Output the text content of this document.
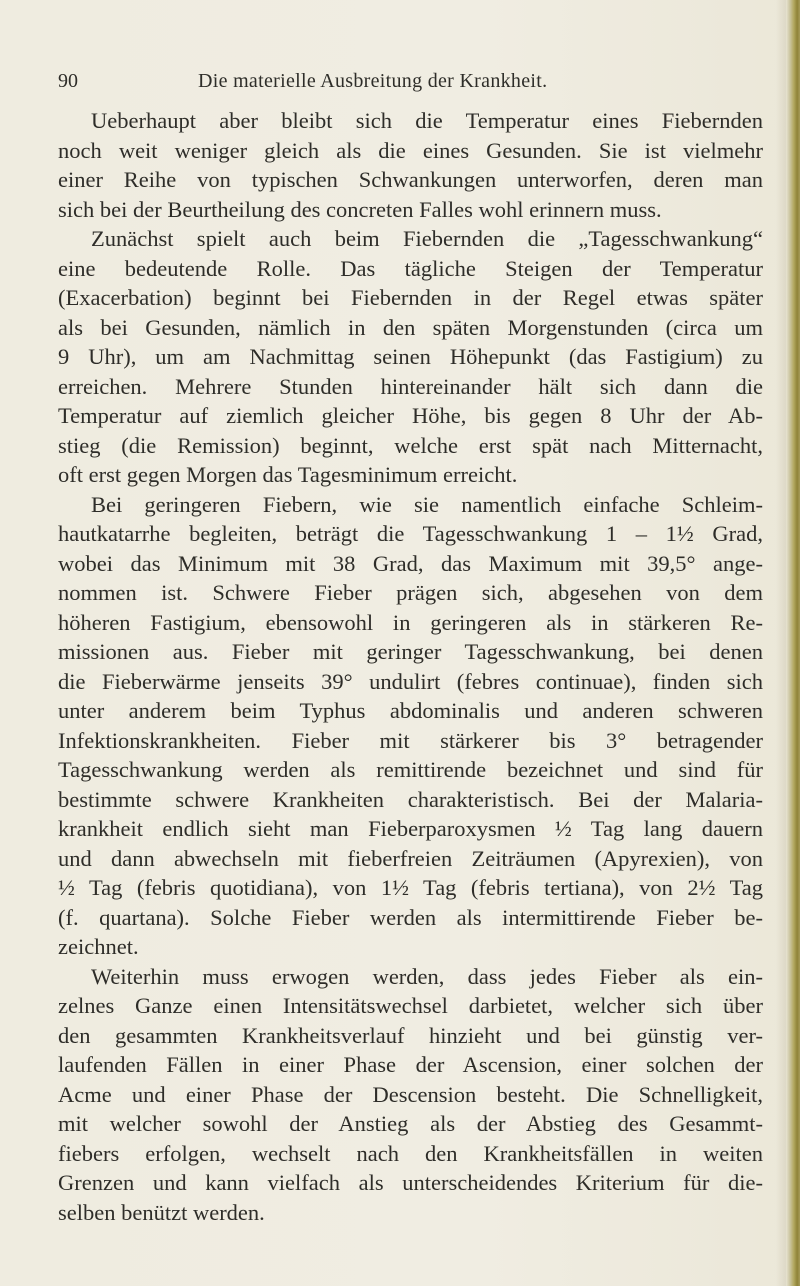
90	Die materielle Ausbreitung der Krankheit.
Ueberhaupt aber bleibt sich die Temperatur eines Fiebernden
noch weit weniger gleich als die eines Gesunden. Sie ist vielmehr
einer Reihe von typischen Schwankungen unterworfen, deren man
sich bei der Beurtheilung des concreten Falles wohl erinnern muss.
Zunächst spielt auch beim Fiebernden die „Tagesschwankung“
eine bedeutende Rolle. Das tägliche Steigen der Temperatur
(Exacerbation) beginnt bei Fiebernden in der Regel etwas später
als bei Gesunden, nämlich in den späten Morgenstunden (circa um
9 Uhr), um am Nachmittag seinen Höhepunkt (das Fastigium) zu
erreichen. Mehrere Stunden hintereinander hält sich dann die
Temperatur auf ziemlich gleicher Höhe, bis gegen 8 Uhr der Ab-
stieg (die Remission) beginnt, welche erst spät nach Mitternacht,
oft erst gegen Morgen das Tagesminimum erreicht.
Bei geringeren Fiebern, wie sie namentlich einfache Schleim-
hautkatarrhe begleiten, beträgt die Tagesschwankung 1 – 1½ Grad,
wobei das Minimum mit 38 Grad, das Maximum mit 39,5° ange-
nommen ist. Schwere Fieber prägen sich, abgesehen von dem
höheren Fastigium, ebensowohl in geringeren als in stärkeren Re-
missionen aus. Fieber mit geringer Tagesschwankung, bei denen
die Fieberwärme jenseits 39° undulirt (febres continuae), finden sich
unter anderem beim Typhus abdominalis und anderen schweren
Infektionskrankheiten. Fieber mit stärkerer bis 3° betragender
Tagesschwankung werden als remittirende bezeichnet und sind für
bestimmte schwere Krankheiten charakteristisch. Bei der Malaria-
krankheit endlich sieht man Fieberparoxysmen ½ Tag lang dauern
und dann abwechseln mit fieberfreien Zeiträumen (Apyrexien), von
½ Tag (febris quotidiana), von 1½ Tag (febris tertiana), von 2½ Tag
(f. quartana). Solche Fieber werden als intermittirende Fieber be-
zeichnet.
Weiterhin muss erwogen werden, dass jedes Fieber als ein-
zelnes Ganze einen Intensitätswechsel darbietet, welcher sich über
den gesammten Krankheitsverlauf hinzieht und bei günstig ver-
laufenden Fällen in einer Phase der Ascension, einer solchen der
Acme und einer Phase der Descension besteht. Die Schnelligkeit,
mit welcher sowohl der Anstieg als der Abstieg des Gesammt-
fiebers erfolgen, wechselt nach den Krankheitsfällen in weiten
Grenzen und kann vielfach als unterscheidendes Kriterium für die-
selben benützt werden.
